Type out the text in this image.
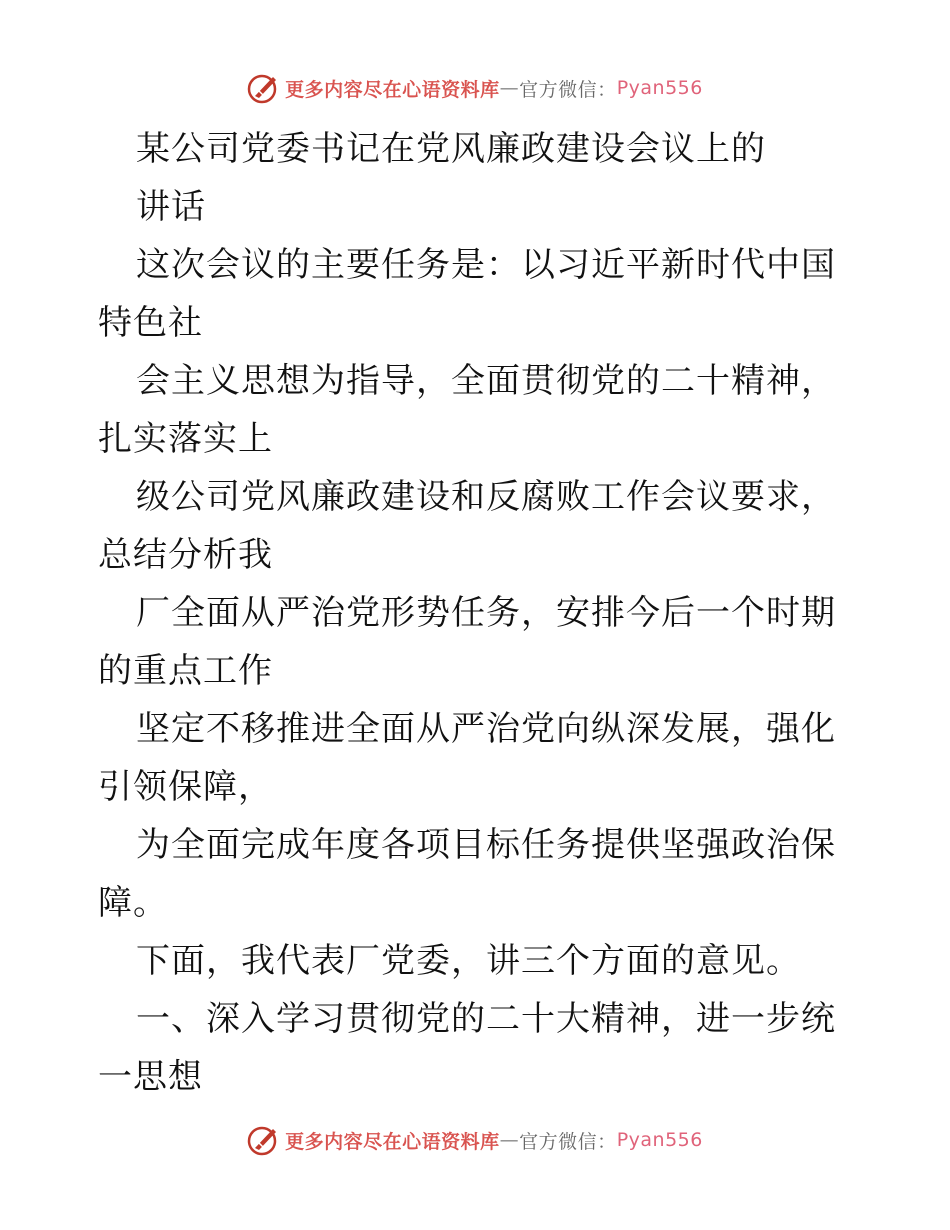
更多内容尽在心语资料库 — 官方微信： Pyan556

某公司党委书记在党风廉政建设会议上的

讲话

这次会议的主要任务是：以习近平新时代中国特色社

会主义思想为指导，全面贯彻党的二十精神，扎实落实上

级公司党风廉政建设和反腐败工作会议要求，总结分析我

厂全面从严治党形势任务，安排今后一个时期的重点工作

坚定不移推进全面从严治党向纵深发展，强化引领保障，

为全面完成年度各项目标任务提供坚强政治保障。

下面，我代表厂党委，讲三个方面的意见。

一、深入学习贯彻党的二十大精神，进一步统一思想

更多内容尽在心语资料库 — 官方微信： Pyan556
